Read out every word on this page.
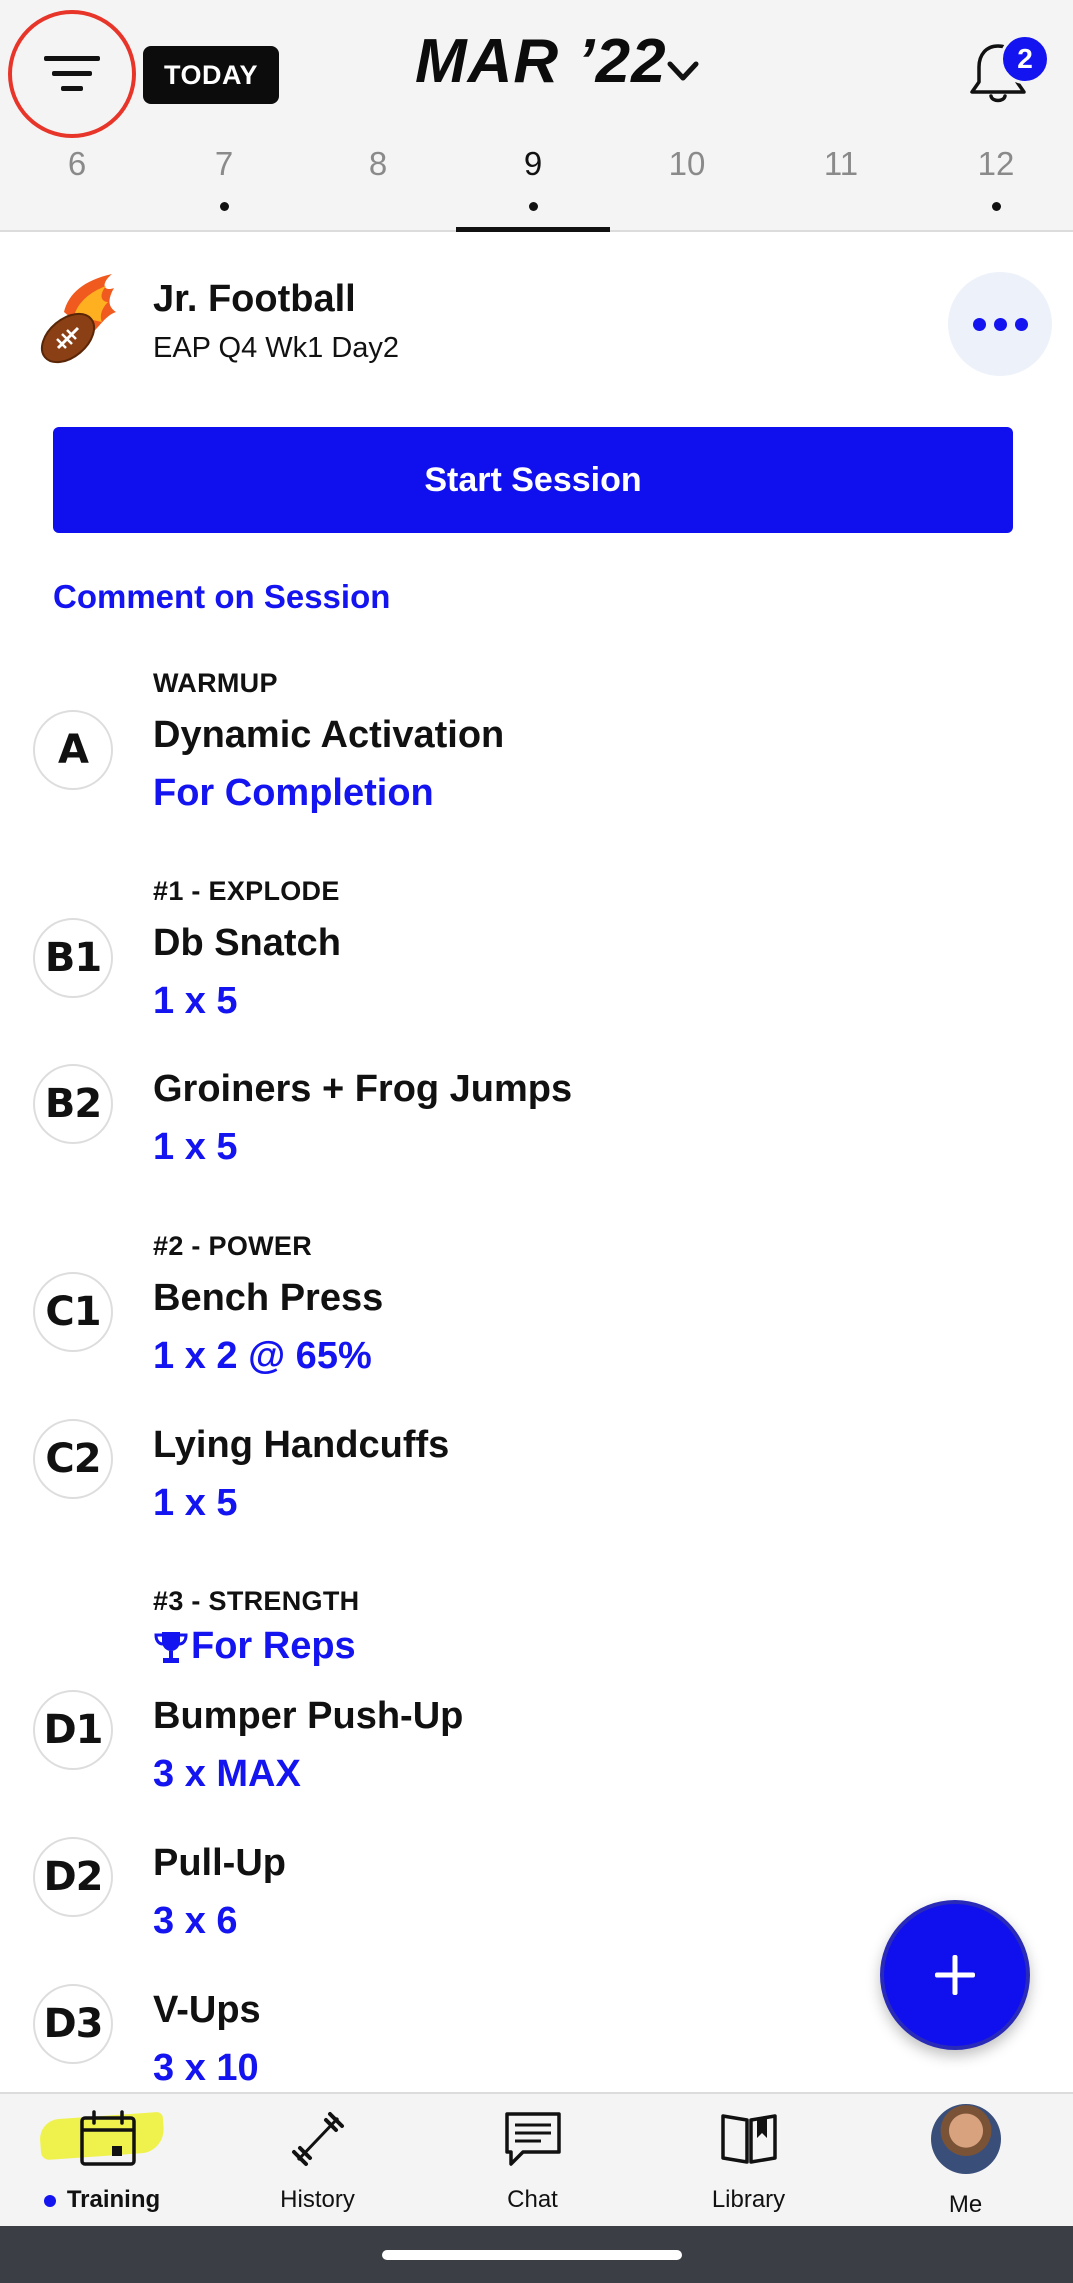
TODAY	MAR ’22	2
6	7	8	9	10	11	12
Jr. Football
EAP Q4 Wk1 Day2
Start Session
Comment on Session
WARMUP
A	Dynamic Activation
For Completion
#1 - EXPLODE
B1	Db Snatch
1 x 5
B2	Groiners + Frog Jumps
1 x 5
#2 - POWER
C1	Bench Press
1 x 2 @ 65%
C2	Lying Handcuffs
1 x 5
#3 - STRENGTH
For Reps
D1 Bumper Push-Up
3 x MAX
D2 Pull-Up
3 x 6
D3 V-Ups
3 x 10
Training	History	Chat	Library	Me
